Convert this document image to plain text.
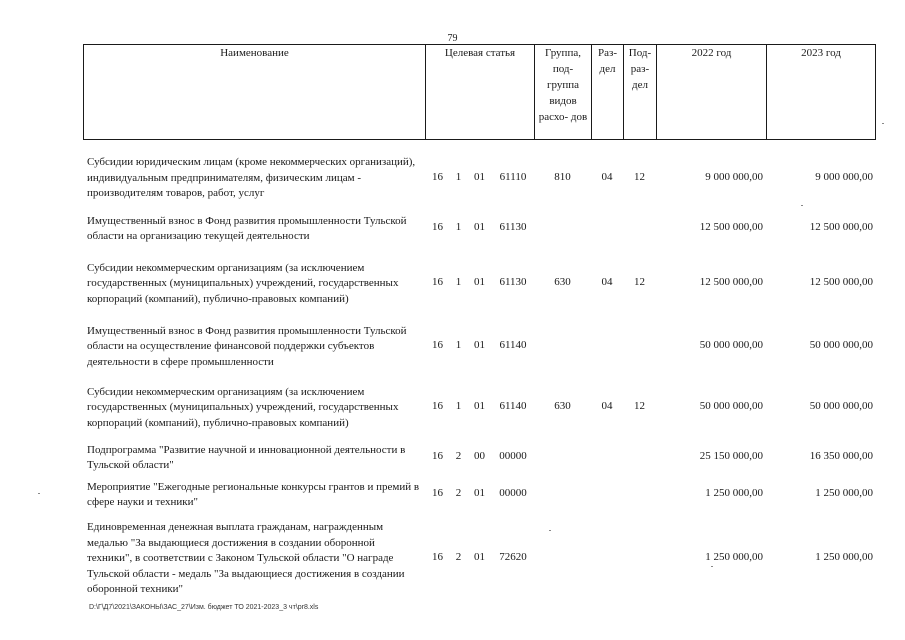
79
Наименование	Целевая статья	Группа, под- группа видов расхо- дов	Раз- дел	Под- раз- дел	2022 год	2023 год
Субсидии юридическим лицам (кроме некоммерческих организаций), индивидуальным предпринимателям, физическим лицам - производителям товаров, работ, услуг	16	1	01	61110	810	04	12	9 000 000,00	9 000 000,00
Имущественный взнос в Фонд развития промышленности Тульской области на организацию текущей деятельности	16	1	01	61130				12 500 000,00	12 500 000,00
Субсидии некоммерческим организациям (за исключением государственных (муниципальных) учреждений, государственных корпораций (компаний), публично-правовых компаний)	16	1	01	61130	630	04	12	12 500 000,00	12 500 000,00
Имущественный взнос в Фонд развития промышленности Тульской области на осуществление финансовой поддержки субъектов деятельности в сфере промышленности	16	1	01	61140				50 000 000,00	50 000 000,00
Субсидии некоммерческим организациям (за исключением государственных (муниципальных) учреждений, государственных корпораций (компаний), публично-правовых компаний)	16	1	01	61140	630	04	12	50 000 000,00	50 000 000,00
Подпрограмма "Развитие научной и инновационной деятельности в Тульской области"	16	2	00	00000				25 150 000,00	16 350 000,00
Мероприятие "Ежегодные региональные конкурсы грантов и премий в сфере науки и техники"	16	2	01	00000				1 250 000,00	1 250 000,00
Единовременная денежная выплата гражданам, награжденным медалью "За выдающиеся достижения в создании оборонной техники", в соответствии с Законом Тульской области "О награде Тульской области - медаль "За выдающиеся достижения в создании оборонной техники"	16	2	01	72620				1 250 000,00	1 250 000,00
D:\Г\Д7\2021\ЗАКОНЫ\ЗАС_27\Изм. бюджет ТО 2021-2023_3 чт\pr8.xls
